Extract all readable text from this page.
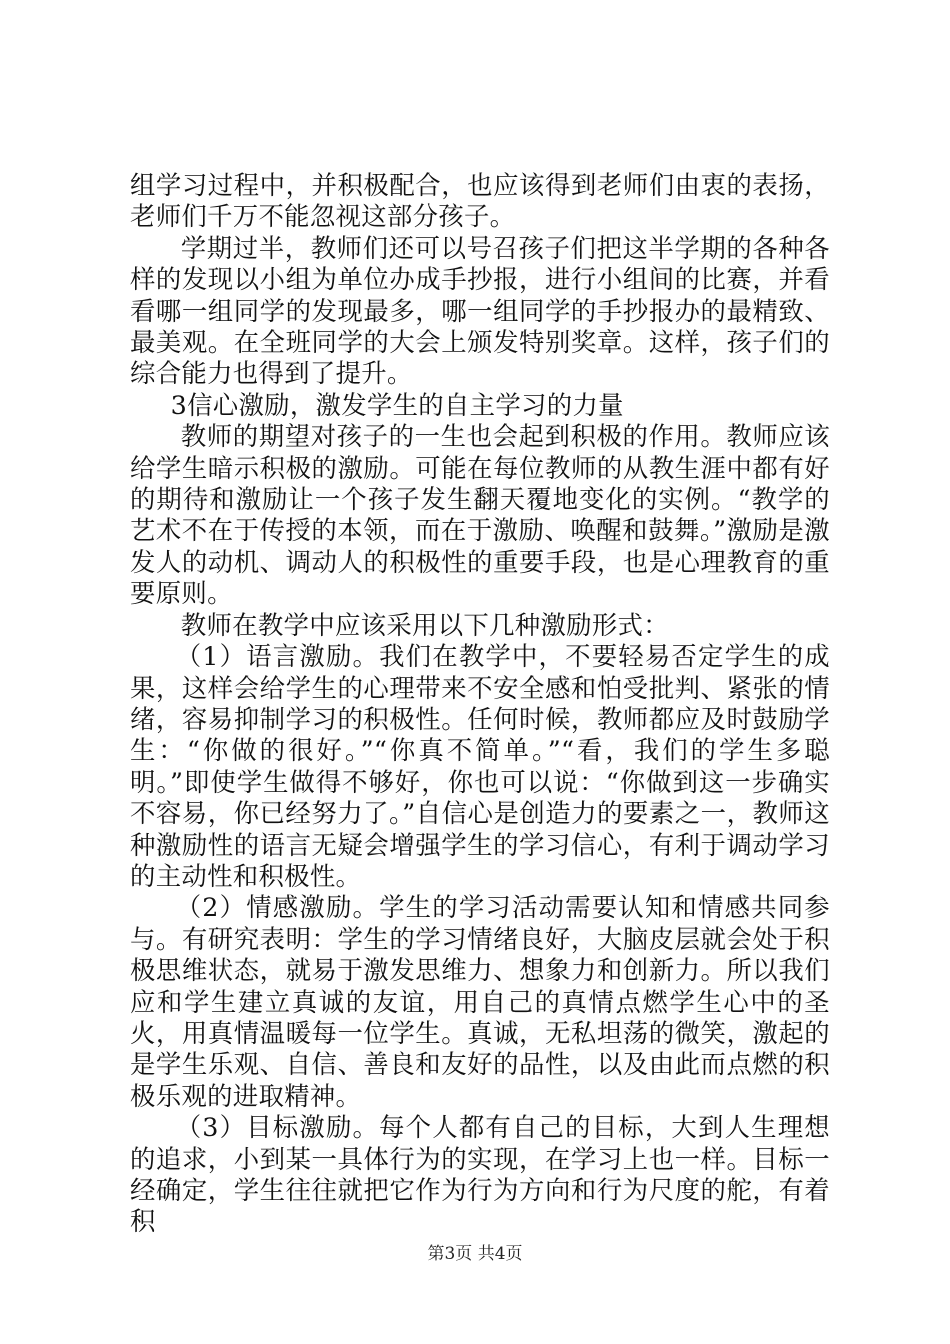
组学习过程中，并积极配合，也应该得到老师们由衷的表扬，老师们千万不能忽视这部分孩子。

学期过半，教师们还可以号召孩子们把这半学期的各种各样的发现以小组为单位办成手抄报，进行小组间的比赛，并看看哪一组同学的发现最多，哪一组同学的手抄报办的最精致、最美观。在全班同学的大会上颁发特别奖章。这样，孩子们的综合能力也得到了提升。

3信心激励，激发学生的自主学习的力量

教师的期望对孩子的一生也会起到积极的作用。教师应该给学生暗示积极的激励。可能在每位教师的从教生涯中都有好的期待和激励让一个孩子发生翻天覆地变化的实例。“教学的艺术不在于传授的本领，而在于激励、唤醒和鼓舞。”激励是激发人的动机、调动人的积极性的重要手段，也是心理教育的重要原则。

教师在教学中应该采用以下几种激励形式：

（1）语言激励。我们在教学中，不要轻易否定学生的成果，这样会给学生的心理带来不安全感和怕受批判、紧张的情绪，容易抑制学习的积极性。任何时候，教师都应及时鼓励学生：“你做的很好。”“你真不简单。”“看，我们的学生多聪明。”即使学生做得不够好，你也可以说：“你做到这一步确实不容易，你已经努力了。”自信心是创造力的要素之一，教师这种激励性的语言无疑会增强学生的学习信心，有利于调动学习的主动性和积极性。

（2）情感激励。学生的学习活动需要认知和情感共同参与。有研究表明：学生的学习情绪良好，大脑皮层就会处于积极思维状态，就易于激发思维力、想象力和创新力。所以我们应和学生建立真诚的友谊，用自己的真情点燃学生心中的圣火，用真情温暖每一位学生。真诚，无私坦荡的微笑，激起的是学生乐观、自信、善良和友好的品性，以及由此而点燃的积极乐观的进取精神。

（3）目标激励。每个人都有自己的目标，大到人生理想的追求，小到某一具体行为的实现，在学习上也一样。目标一经确定，学生往往就把它作为行为方向和行为尺度的舵，有着积

第3页 共4页
